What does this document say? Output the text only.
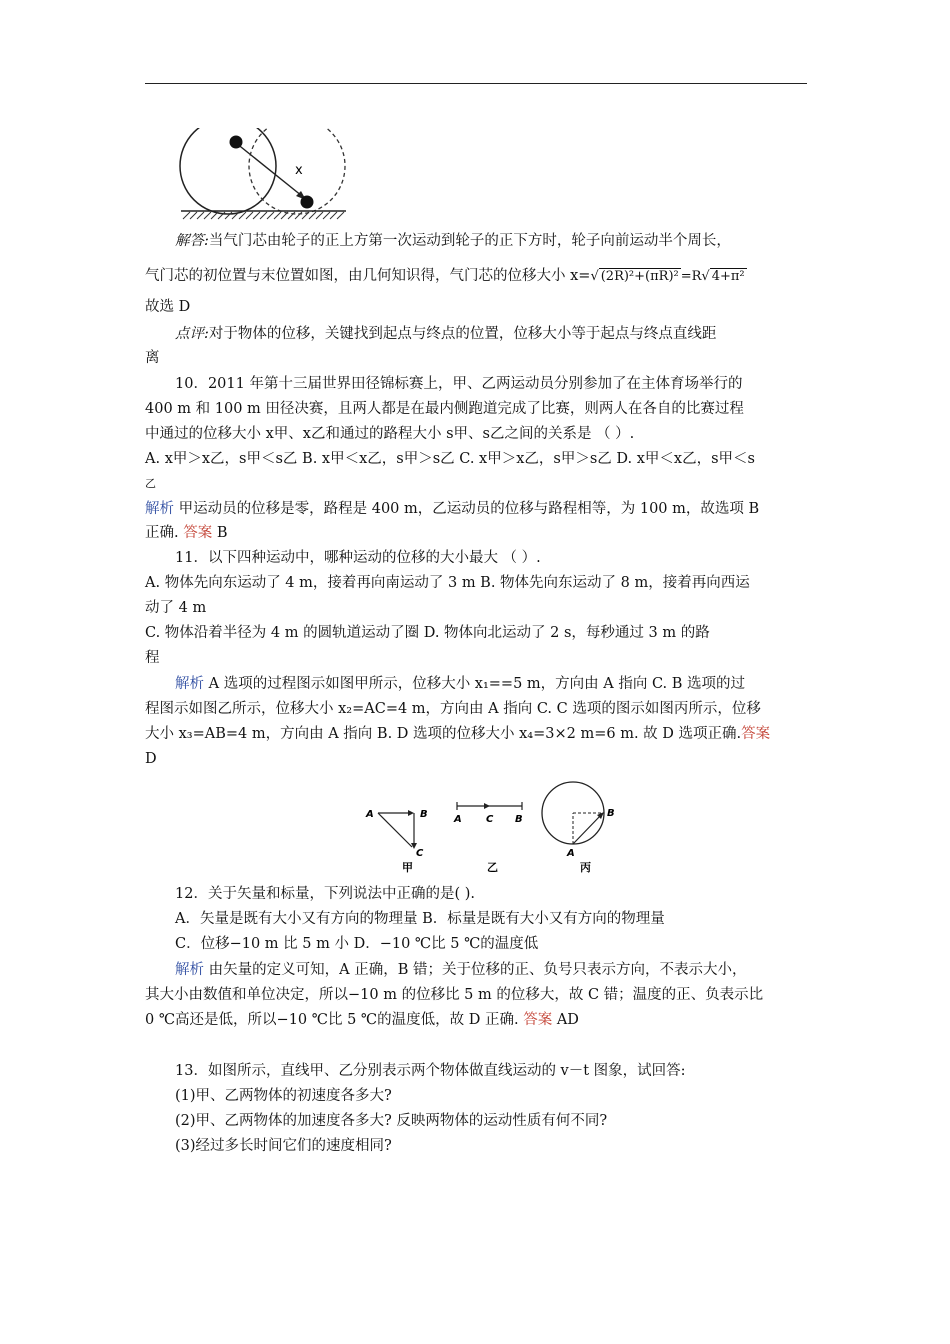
x
解答:当气门芯由轮子的正上方第一次运动到轮子的正下方时，轮子向前运动半个周长，
气门芯的初位置与末位置如图，由几何知识得，气门芯的位移大小 x=√ (2R)²+(πR)² =R√ 4+π²
故选 D
点评:对于物体的位移，关键找到起点与终点的位置，位移大小等于起点与终点直线距
离
10．2011 年第十三届世界田径锦标赛上，甲、乙两运动员分别参加了在主体育场举行的
400 m 和 100 m 田径决赛，且两人都是在最内侧跑道完成了比赛，则两人在各自的比赛过程
中通过的位移大小 x甲、x乙和通过的路程大小 s甲、s乙之间的关系是 （ ）.
A. x甲＞x乙，s甲＜s乙 B. x甲＜x乙，s甲＞s乙 C. x甲＞x乙，s甲＞s乙 D. x甲＜x乙，s甲＜s
乙
解析 甲运动员的位移是零，路程是 400 m，乙运动员的位移与路程相等，为 100 m，故选项 B
正确. 答案 B
11．以下四种运动中，哪种运动的位移的大小最大 （ ）.
A. 物体先向东运动了 4 m，接着再向南运动了 3 m B. 物体先向东运动了 8 m，接着再向西运
动了 4 m
C. 物体沿着半径为 4 m 的圆轨道运动了圈 D. 物体向北运动了 2 s，每秒通过 3 m 的路
程
解析 A 选项的过程图示如图甲所示，位移大小 x₁==5 m，方向由 A 指向 C. B 选项的过
程图示如图乙所示，位移大小 x₂=AC=4 m，方向由 A 指向 C. C 选项的图示如图丙所示，位移
大小 x₃=AB=4 m，方向由 A 指向 B. D 选项的位移大小 x₄=3×2 m=6 m. 故 D 选项正确.答案
D
A	B
C
甲
A C B
乙
A
B
丙
12．关于矢量和标量，下列说法中正确的是( ).
A．矢量是既有大小又有方向的物理量 B．标量是既有大小又有方向的物理量
C．位移−10 m 比 5 m 小 D．−10 ℃比 5 ℃的温度低
解析 由矢量的定义可知，A 正确，B 错；关于位移的正、负号只表示方向，不表示大小，
其大小由数值和单位决定，所以−10 m 的位移比 5 m 的位移大，故 C 错；温度的正、负表示比
0 ℃高还是低，所以−10 ℃比 5 ℃的温度低，故 D 正确. 答案 AD
13．如图所示，直线甲、乙分别表示两个物体做直线运动的 v－t 图象，试回答:
(1)甲、乙两物体的初速度各多大?
(2)甲、乙两物体的加速度各多大? 反映两物体的运动性质有何不同?
(3)经过多长时间它们的速度相同?
